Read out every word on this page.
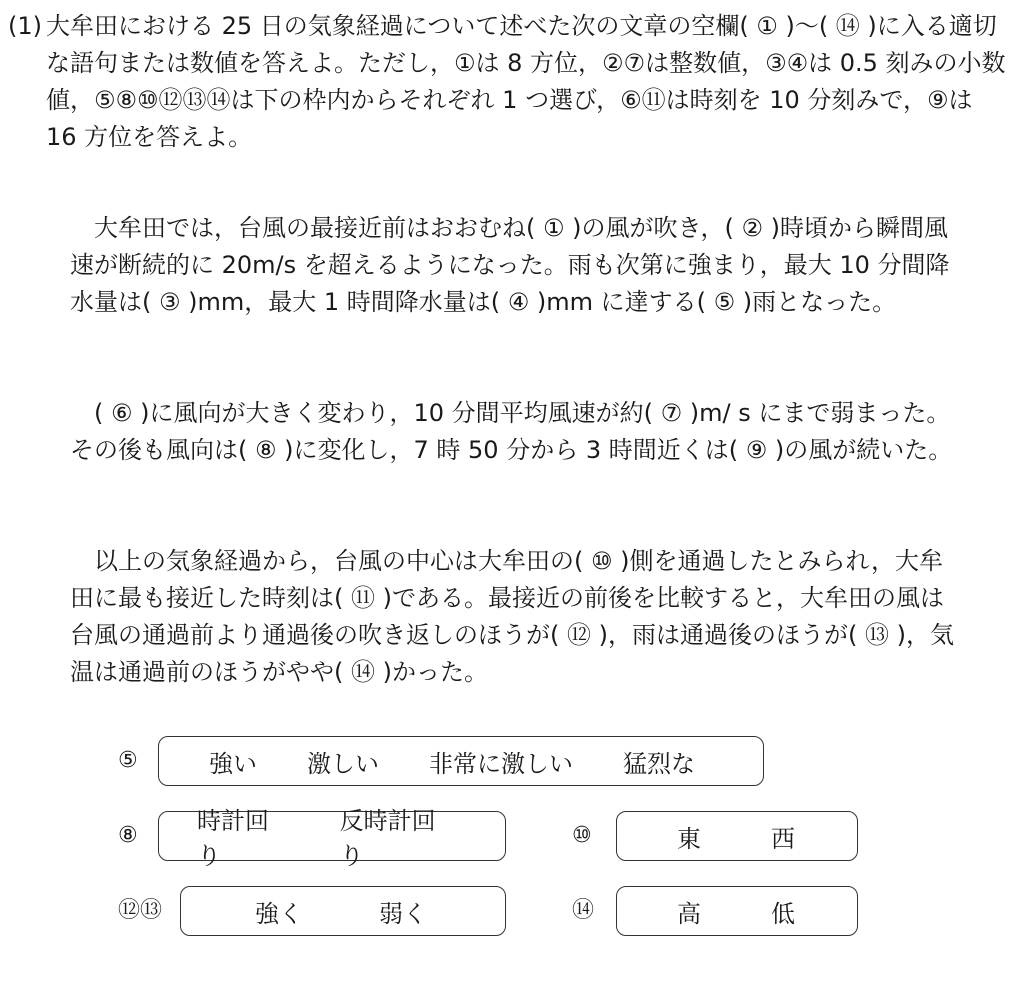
(1) 大牟田における 25 日の気象経過について述べた次の文章の空欄( ① )〜( ⑭ )に入る適切な語句または数値を答えよ。ただし，①は 8 方位，②⑦は整数値，③④は 0.5 刻みの小数値，⑤⑧⑩⑫⑬⑭は下の枠内からそれぞれ 1 つ選び，⑥⑪は時刻を 10 分刻みで，⑨は 16 方位を答えよ。

大牟田では，台風の最接近前はおおむね( ① )の風が吹き，( ② )時頃から瞬間風速が断続的に 20m/s を超えるようになった。雨も次第に強まり，最大 10 分間降水量は( ③ )mm，最大 1 時間降水量は( ④ )mm に達する( ⑤ )雨となった。

( ⑥ )に風向が大きく変わり，10 分間平均風速が約( ⑦ )m/ s にまで弱まった。その後も風向は( ⑧ )に変化し，7 時 50 分から 3 時間近くは( ⑨ )の風が続いた。

以上の気象経過から，台風の中心は大牟田の( ⑩ )側を通過したとみられ，大牟田に最も接近した時刻は( ⑪ )である。最接近の前後を比較すると，大牟田の風は台風の通過前より通過後の吹き返しのほうが( ⑫ )，雨は通過後のほうが( ⑬ )，気温は通過前のほうがやや( ⑭ )かった。

⑤	強い 激しい 非常に激しい 猛烈な
⑧
時計回り
反時計回り
⑩	東	西
⑫⑬	強く	弱く	⑭	高	低
